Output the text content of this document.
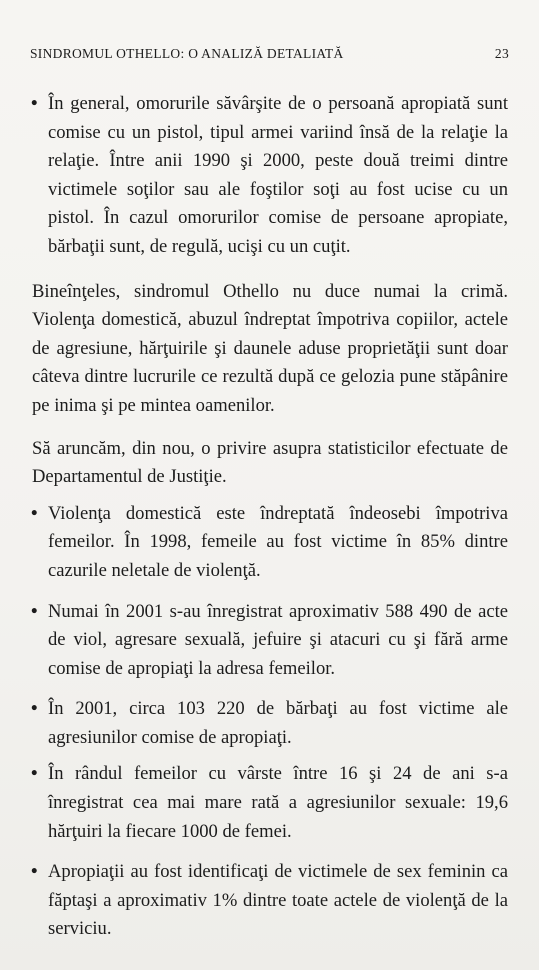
SINDROMUL OTHELLO: O ANALIZĂ DETALIATĂ	23

• În general, omorurile săvârşite de o persoană apropiată sunt comise cu un pistol, tipul armei variind însă de la relaţie la relaţie. Între anii 1990 şi 2000, peste două treimi dintre victimele soţilor sau ale foştilor soţi au fost ucise cu un pistol. În cazul omorurilor comise de persoane apropiate, bărbaţii sunt, de regulă, ucişi cu un cuţit.

Bineînţeles, sindromul Othello nu duce numai la crimă. Violenţa domestică, abuzul îndreptat împotriva copiilor, actele de agresiune, hărţuirile şi daunele aduse proprietăţii sunt doar câteva dintre lucrurile ce rezultă după ce gelozia pune stăpânire pe inima şi pe mintea oamenilor.

Să aruncăm, din nou, o privire asupra statisticilor efectuate de Departamentul de Justiţie.

• Violenţa domestică este îndreptată îndeosebi împotriva femeilor. În 1998, femeile au fost victime în 85% dintre cazurile neletale de violenţă.

• Numai în 2001 s-au înregistrat aproximativ 588 490 de acte de viol, agresare sexuală, jefuire şi atacuri cu şi fără arme comise de apropiaţi la adresa femeilor.

• În 2001, circa 103 220 de bărbaţi au fost victime ale agresiunilor comise de apropiaţi.

• În rândul femeilor cu vârste între 16 şi 24 de ani s-a înregistrat cea mai mare rată a agresiunilor sexuale: 19,6 hărţuiri la fiecare 1000 de femei.

• Apropiaţii au fost identificaţi de victimele de sex feminin ca făptaşi a aproximativ 1% dintre toate actele de violenţă de la serviciu.
